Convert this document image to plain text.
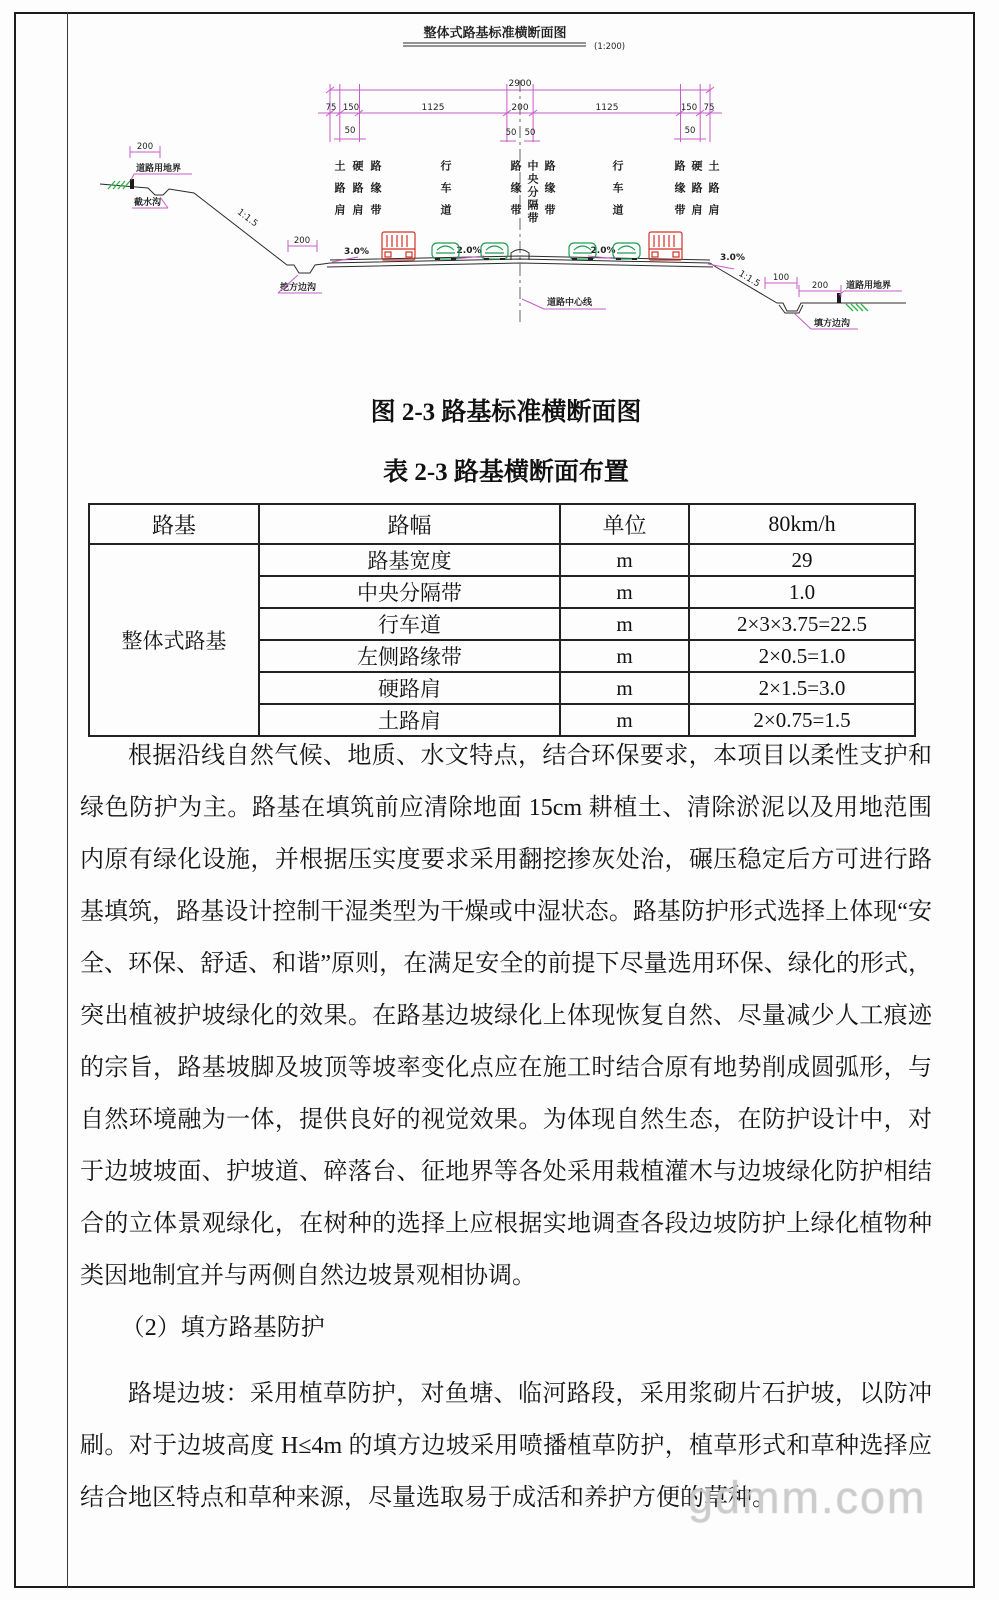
整体式路基标准横断面图
(1:200)
2900
75 150	1125	200	1125	150 75
50	50 50	50
200
道路用地界
截水沟
1:1.5
200
挖方边沟
3.0%
道路中心线
3.0%
1:1.5 100
200 道路用地界
填方边沟
2.0%	2.0%
土路肩 硬路肩 路缘带	行车道	路缘带 中央分隔带 路缘带	行车道	路缘带 硬路肩 土路肩
图 2-3 路基标准横断面图
表 2-3 路基横断面布置
路基	路幅	单位	80km/h
整体式路基	路基宽度	m	29
	中央分隔带	m	1.0
	行车道	m	2×3×3.75=22.5
	左侧路缘带	m	2×0.5=1.0
	硬路肩	m	2×1.5=3.0
	土路肩	m	2×0.75=1.5

根据沿线自然气候、地质、水文特点，结合环保要求，本项目以柔性支护和绿色防护为主。路基在填筑前应清除地面 15cm 耕植土、清除淤泥以及用地范围内原有绿化设施，并根据压实度要求采用翻挖掺灰处治，碾压稳定后方可进行路基填筑，路基设计控制干湿类型为干燥或中湿状态。路基防护形式选择上体现“安全、环保、舒适、和谐”原则，在满足安全的前提下尽量选用环保、绿化的形式，突出植被护坡绿化的效果。在路基边坡绿化上体现恢复自然、尽量减少人工痕迹的宗旨，路基坡脚及坡顶等坡率变化点应在施工时结合原有地势削成圆弧形，与自然环境融为一体，提供良好的视觉效果。为体现自然生态，在防护设计中，对于边坡坡面、护坡道、碎落台、征地界等各处采用栽植灌木与边坡绿化防护相结合的立体景观绿化，在树种的选择上应根据实地调查各段边坡防护上绿化植物种类因地制宜并与两侧自然边坡景观相协调。

（2）填方路基防护

路堤边坡：采用植草防护，对鱼塘、临河路段，采用浆砌片石护坡，以防冲刷。对于边坡高度 H≤4m 的填方边坡采用喷播植草防护，植草形式和草种选择应结合地区特点和草种来源，尽量选取易于成活和养护方便的草种。

gdmm.com
